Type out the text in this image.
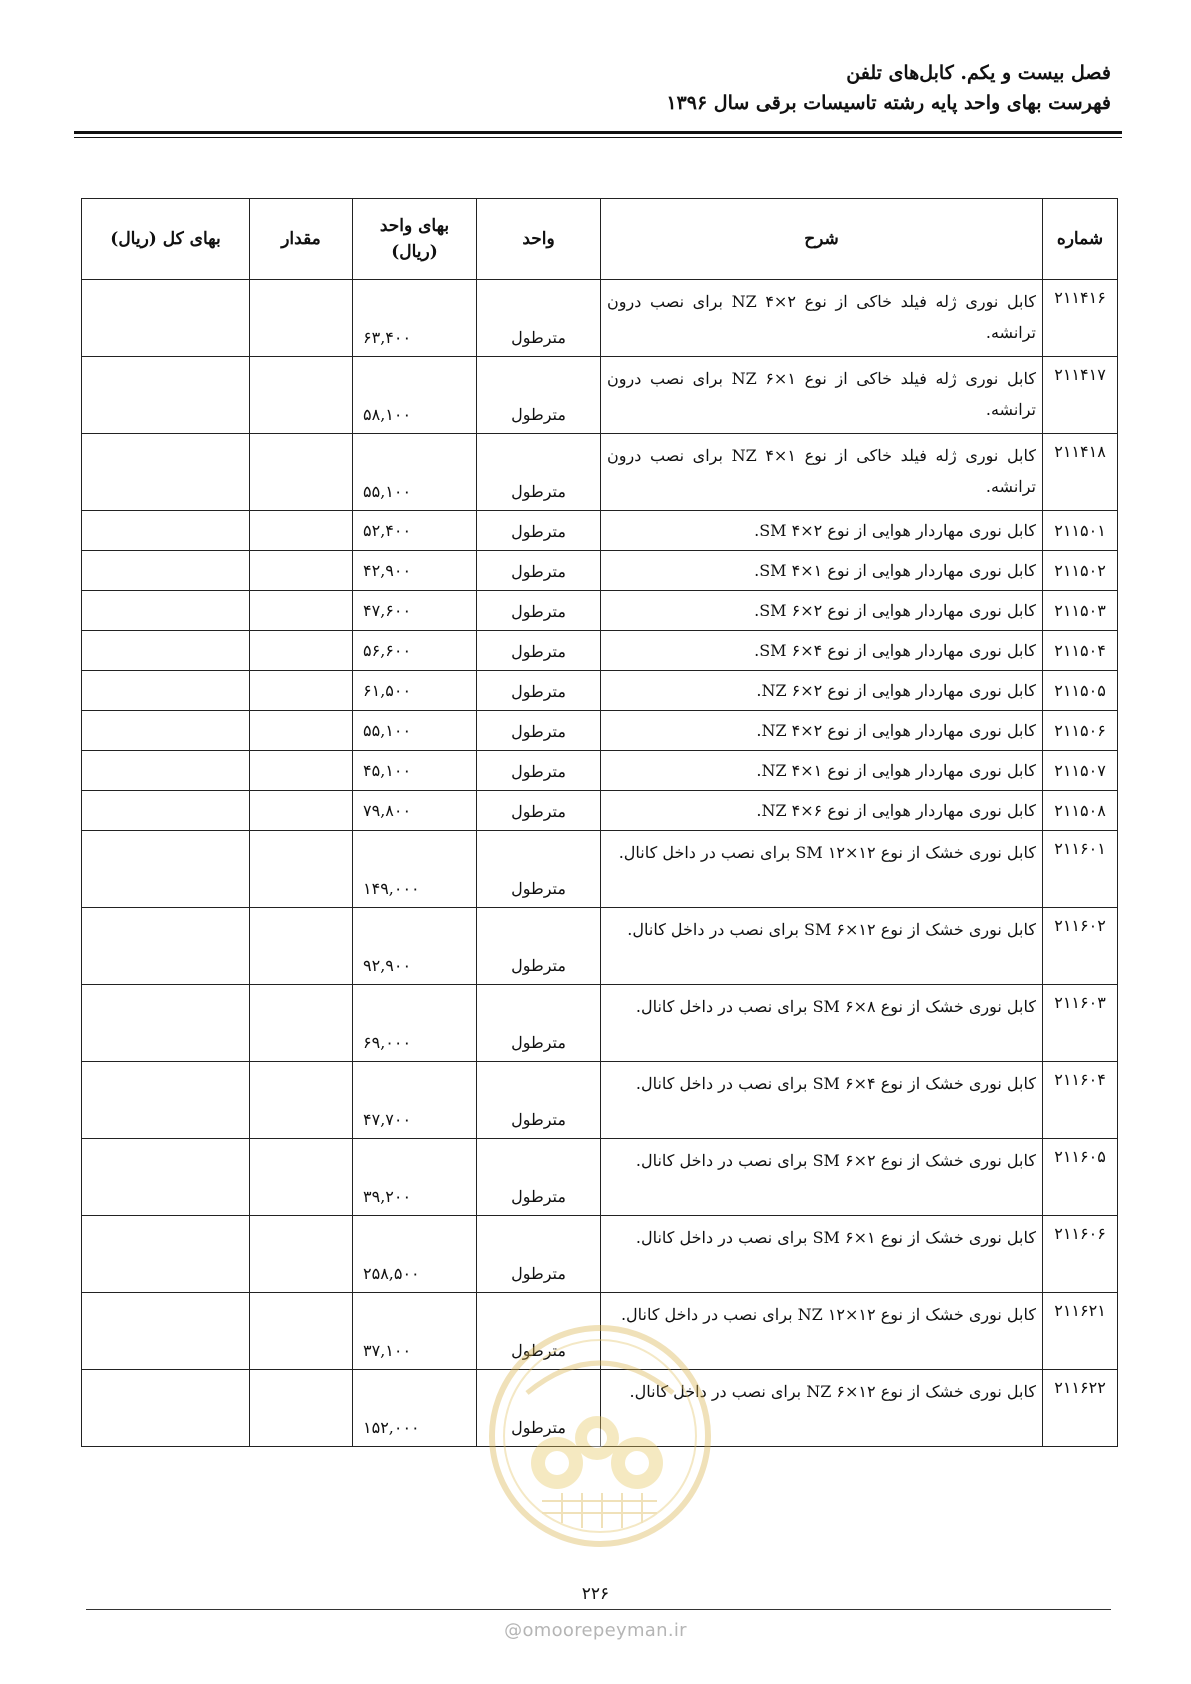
فصل بیست و یکم. کابل‌های تلفن
فهرست بهای واحد پایه رشته تاسیسات برقی سال ۱۳۹۶
شماره	شرح	واحد	بهای واحد
(ریال)	مقدار	بهای کل (ریال)
۲۱۱۴۱۶	کابل نوری ژله فیلد خاکی از نوع NZ ۴×۲ برای نصب درون ترانشه.	مترطول	۶۳,۴۰۰		
۲۱۱۴۱۷	کابل نوری ژله فیلد خاکی از نوع NZ ۶×۱ برای نصب درون ترانشه.	مترطول	۵۸,۱۰۰		
۲۱۱۴۱۸	کابل نوری ژله فیلد خاکی از نوع NZ ۴×۱ برای نصب درون ترانشه.	مترطول	۵۵,۱۰۰		
۲۱۱۵۰۱	کابل نوری مهاردار هوایی از نوع SM ۴×۲.	مترطول	۵۲,۴۰۰		
۲۱۱۵۰۲	کابل نوری مهاردار هوایی از نوع SM ۴×۱.	مترطول	۴۲,۹۰۰		
۲۱۱۵۰۳	کابل نوری مهاردار هوایی از نوع SM ۶×۲.	مترطول	۴۷,۶۰۰		
۲۱۱۵۰۴	کابل نوری مهاردار هوایی از نوع SM ۶×۴.	مترطول	۵۶,۶۰۰		
۲۱۱۵۰۵	کابل نوری مهاردار هوایی از نوع NZ ۶×۲.	مترطول	۶۱,۵۰۰		
۲۱۱۵۰۶	کابل نوری مهاردار هوایی از نوع NZ ۴×۲.	مترطول	۵۵,۱۰۰		
۲۱۱۵۰۷	کابل نوری مهاردار هوایی از نوع NZ ۴×۱.	مترطول	۴۵,۱۰۰		
۲۱۱۵۰۸	کابل نوری مهاردار هوایی از نوع NZ ۴×۶.	مترطول	۷۹,۸۰۰		
۲۱۱۶۰۱	کابل نوری خشک از نوع SM ۱۲×۱۲ برای نصب در داخل کانال.	مترطول	۱۴۹,۰۰۰		
۲۱۱۶۰۲	کابل نوری خشک از نوع SM ۶×۱۲ برای نصب در داخل کانال.	مترطول	۹۲,۹۰۰		
۲۱۱۶۰۳	کابل نوری خشک از نوع SM ۶×۸ برای نصب در داخل کانال.	مترطول	۶۹,۰۰۰		
۲۱۱۶۰۴	کابل نوری خشک از نوع SM ۶×۴ برای نصب در داخل کانال.	مترطول	۴۷,۷۰۰		
۲۱۱۶۰۵	کابل نوری خشک از نوع SM ۶×۲ برای نصب در داخل کانال.	مترطول	۳۹,۲۰۰		
۲۱۱۶۰۶	کابل نوری خشک از نوع SM ۶×۱ برای نصب در داخل کانال.	مترطول	۲۵۸,۵۰۰		
۲۱۱۶۲۱	کابل نوری خشک از نوع NZ ۱۲×۱۲ برای نصب در داخل کانال.	مترطول	۳۷,۱۰۰		
۲۱۱۶۲۲	کابل نوری خشک از نوع NZ ۶×۱۲ برای نصب در داخل کانال.	مترطول	۱۵۲,۰۰۰		
۲۲۶
@omoorepeyman.ir
